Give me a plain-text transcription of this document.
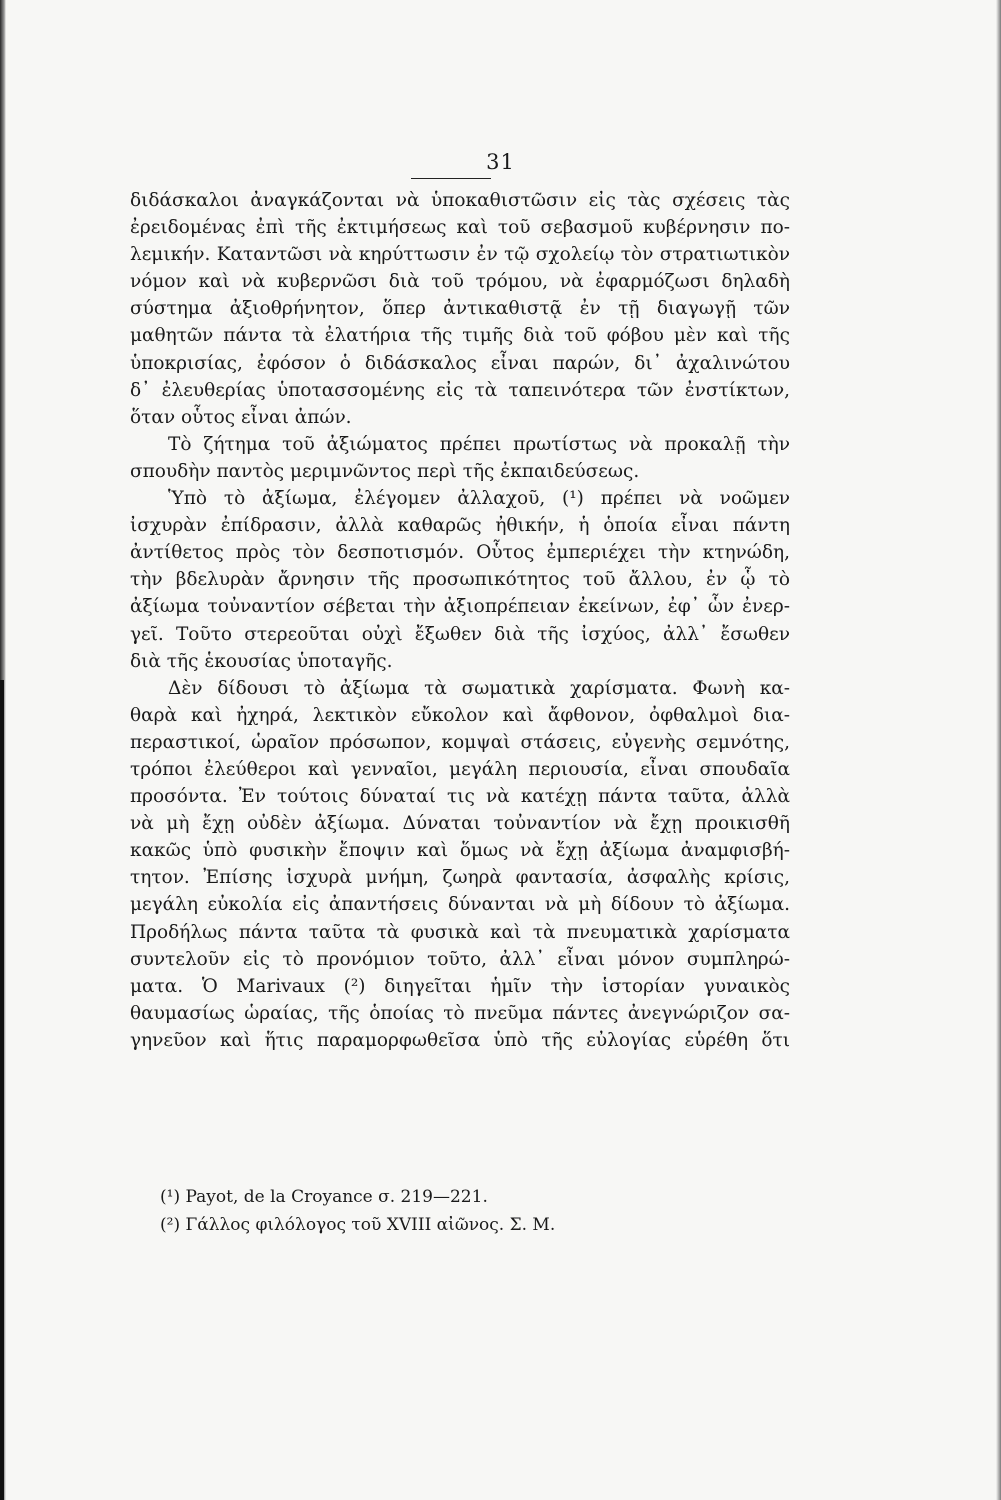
31
διδάσκαλοι ἀναγκάζονται νὰ ὑποκαθιστῶσιν εἰς τὰς σχέσεις τὰς
ἐρειδομένας ἐπὶ τῆς ἐκτιμήσεως καὶ τοῦ σεβασμοῦ κυβέρνησιν πο-
λεμικήν. Καταντῶσι νὰ κηρύττωσιν ἐν τῷ σχολείῳ τὸν στρατιωτικὸν
νόμον καὶ νὰ κυβερνῶσι διὰ τοῦ τρόμου, νὰ ἐφαρμόζωσι δηλαδὴ
σύστημα ἀξιοθρήνητον, ὅπερ ἀντικαθιστᾷ ἐν τῇ διαγωγῇ τῶν
μαθητῶν πάντα τὰ ἐλατήρια τῆς τιμῆς διὰ τοῦ φόβου μὲν καὶ τῆς
ὑποκρισίας, ἐφόσον ὁ διδάσκαλος εἶναι παρών, δι᾽ ἀχαλινώτου
δ᾽ ἐλευθερίας ὑποτασσομένης εἰς τὰ ταπεινότερα τῶν ἐνστίκτων,
ὅταν οὗτος εἶναι ἀπών.
Τὸ ζήτημα τοῦ ἀξιώματος πρέπει πρωτίστως νὰ προκαλῇ τὴν
σπουδὴν παντὸς μεριμνῶντος περὶ τῆς ἐκπαιδεύσεως.
Ὑπὸ τὸ ἀξίωμα, ἐλέγομεν ἀλλαχοῦ, (¹) πρέπει νὰ νοῶμεν
ἰσχυρὰν ἐπίδρασιν, ἀλλὰ καθαρῶς ἠθικήν, ἡ ὁποία εἶναι πάντη
ἀντίθετος πρὸς τὸν δεσποτισμόν. Οὗτος ἐμπεριέχει τὴν κτηνώδη,
τὴν βδελυρὰν ἄρνησιν τῆς προσωπικότητος τοῦ ἄλλου, ἐν ᾧ τὸ
ἀξίωμα τοὐναντίον σέβεται τὴν ἀξιοπρέπειαν ἐκείνων, ἐφ᾽ ὧν ἐνερ-
γεῖ. Τοῦτο στερεοῦται οὐχὶ ἔξωθεν διὰ τῆς ἰσχύος, ἀλλ᾽ ἔσωθεν
διὰ τῆς ἑκουσίας ὑποταγῆς.
Δὲν δίδουσι τὸ ἀξίωμα τὰ σωματικὰ χαρίσματα. Φωνὴ κα-
θαρὰ καὶ ἠχηρά, λεκτικὸν εὔκολον καὶ ἄφθονον, ὀφθαλμοὶ δια-
περαστικοί, ὡραῖον πρόσωπον, κομψαὶ στάσεις, εὐγενὴς σεμνότης,
τρόποι ἐλεύθεροι καὶ γενναῖοι, μεγάλη περιουσία, εἶναι σπουδαῖα
προσόντα. Ἐν τούτοις δύναταί τις νὰ κατέχῃ πάντα ταῦτα, ἀλλὰ
νὰ μὴ ἔχῃ οὐδὲν ἀξίωμα. Δύναται τοὐναντίον νὰ ἔχῃ προικισθῆ
κακῶς ὑπὸ φυσικὴν ἔποψιν καὶ ὅμως νὰ ἔχῃ ἀξίωμα ἀναμφισβή-
τητον. Ἐπίσης ἰσχυρὰ μνήμη, ζωηρὰ φαντασία, ἀσφαλὴς κρίσις,
μεγάλη εὐκολία εἰς ἀπαντήσεις δύνανται νὰ μὴ δίδουν τὸ ἀξίωμα.
Προδήλως πάντα ταῦτα τὰ φυσικὰ καὶ τὰ πνευματικὰ χαρίσματα
συντελοῦν εἰς τὸ προνόμιον τοῦτο, ἀλλ᾽ εἶναι μόνον συμπληρώ-
ματα. Ὁ Marivaux (²) διηγεῖται ἡμῖν τὴν ἱστορίαν γυναικὸς
θαυμασίως ὡραίας, τῆς ὁποίας τὸ πνεῦμα πάντες ἀνεγνώριζον σα-
γηνεῦον καὶ ἥτις παραμορφωθεῖσα ὑπὸ τῆς εὐλογίας εὑρέθη ὅτι
(¹) Payot, de la Croyance σ. 219—221.
(²) Γάλλος φιλόλογος τοῦ XVIII αἰῶνος. Σ. Μ.
